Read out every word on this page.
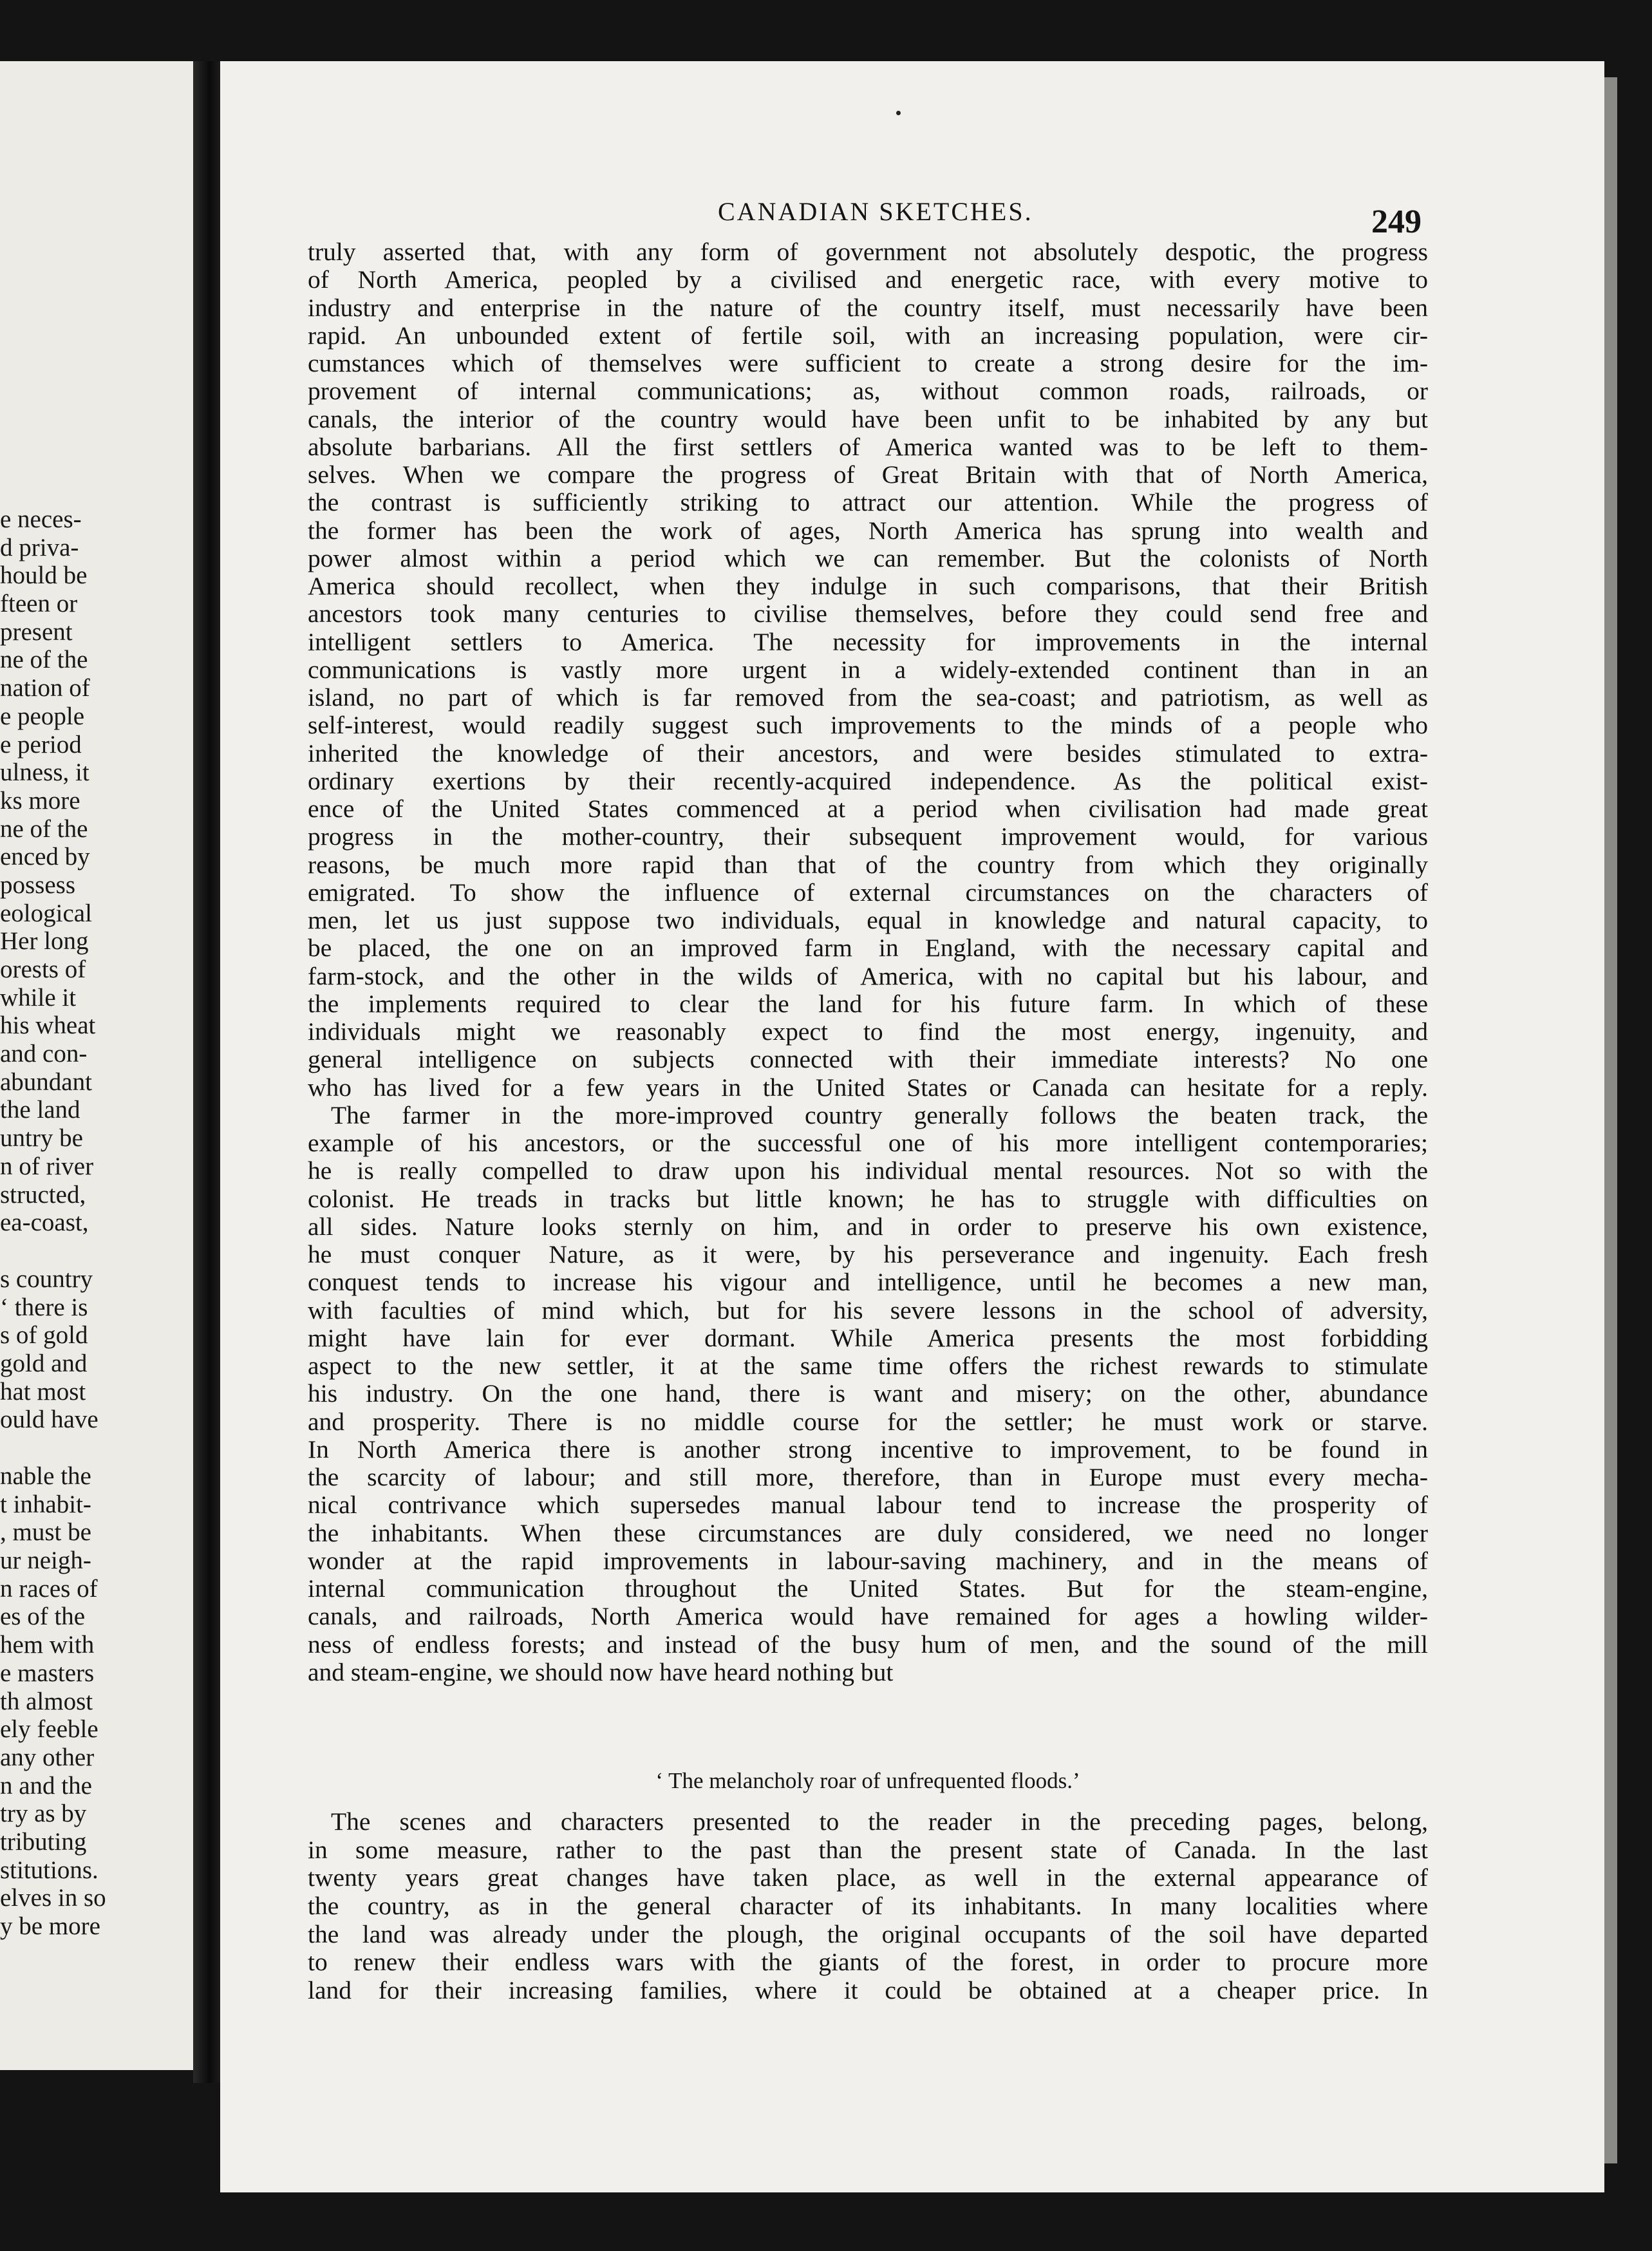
e neces-
d priva-
hould be
fteen or
present
ne of the
nation of
e people
e period
ulness, it
ks more
ne of the
enced by
possess
eological
Her long
orests of
while it
his wheat
and con-
abundant
the land
untry be
n of river
structed,
ea-coast,
s country
‘ there is
s of gold
gold and
hat most
ould have
nable the
t inhabit-
, must be
ur neigh-
n races of
es of the
hem with
e masters
th almost
ely feeble
any other
n and the
try as by
tributing
stitutions.
elves in so
y be more
CANADIAN SKETCHES.	249
truly asserted that, with any form of government not absolutely despotic, the progress
of North America, peopled by a civilised and energetic race, with every motive to
industry and enterprise in the nature of the country itself, must necessarily have been
rapid. An unbounded extent of fertile soil, with an increasing population, were cir-
cumstances which of themselves were sufficient to create a strong desire for the im-
provement of internal communications; as, without common roads, railroads, or
canals, the interior of the country would have been unfit to be inhabited by any but
absolute barbarians. All the first settlers of America wanted was to be left to them-
selves. When we compare the progress of Great Britain with that of North America,
the contrast is sufficiently striking to attract our attention. While the progress of
the former has been the work of ages, North America has sprung into wealth and
power almost within a period which we can remember. But the colonists of North
America should recollect, when they indulge in such comparisons, that their British
ancestors took many centuries to civilise themselves, before they could send free and
intelligent settlers to America. The necessity for improvements in the internal
communications is vastly more urgent in a widely-extended continent than in an
island, no part of which is far removed from the sea-coast; and patriotism, as well as
self-interest, would readily suggest such improvements to the minds of a people who
inherited the knowledge of their ancestors, and were besides stimulated to extra-
ordinary exertions by their recently-acquired independence. As the political exist-
ence of the United States commenced at a period when civilisation had made great
progress in the mother-country, their subsequent improvement would, for various
reasons, be much more rapid than that of the country from which they originally
emigrated. To show the influence of external circumstances on the characters of
men, let us just suppose two individuals, equal in knowledge and natural capacity, to
be placed, the one on an improved farm in England, with the necessary capital and
farm-stock, and the other in the wilds of America, with no capital but his labour, and
the implements required to clear the land for his future farm. In which of these
individuals might we reasonably expect to find the most energy, ingenuity, and
general intelligence on subjects connected with their immediate interests? No one
who has lived for a few years in the United States or Canada can hesitate for a reply.
The farmer in the more-improved country generally follows the beaten track, the
example of his ancestors, or the successful one of his more intelligent contemporaries;
he is really compelled to draw upon his individual mental resources. Not so with the
colonist. He treads in tracks but little known; he has to struggle with difficulties on
all sides. Nature looks sternly on him, and in order to preserve his own existence,
he must conquer Nature, as it were, by his perseverance and ingenuity. Each fresh
conquest tends to increase his vigour and intelligence, until he becomes a new man,
with faculties of mind which, but for his severe lessons in the school of adversity,
might have lain for ever dormant. While America presents the most forbidding
aspect to the new settler, it at the same time offers the richest rewards to stimulate
his industry. On the one hand, there is want and misery; on the other, abundance
and prosperity. There is no middle course for the settler; he must work or starve.
In North America there is another strong incentive to improvement, to be found in
the scarcity of labour; and still more, therefore, than in Europe must every mecha-
nical contrivance which supersedes manual labour tend to increase the prosperity of
the inhabitants. When these circumstances are duly considered, we need no longer
wonder at the rapid improvements in labour-saving machinery, and in the means of
internal communication throughout the United States. But for the steam-engine,
canals, and railroads, North America would have remained for ages a howling wilder-
ness of endless forests; and instead of the busy hum of men, and the sound of the mill
and steam-engine, we should now have heard nothing but
‘ The melancholy roar of unfrequented floods.’
The scenes and characters presented to the reader in the preceding pages, belong,
in some measure, rather to the past than the present state of Canada. In the last
twenty years great changes have taken place, as well in the external appearance of
the country, as in the general character of its inhabitants. In many localities where
the land was already under the plough, the original occupants of the soil have departed
to renew their endless wars with the giants of the forest, in order to procure more
land for their increasing families, where it could be obtained at a cheaper price. In
